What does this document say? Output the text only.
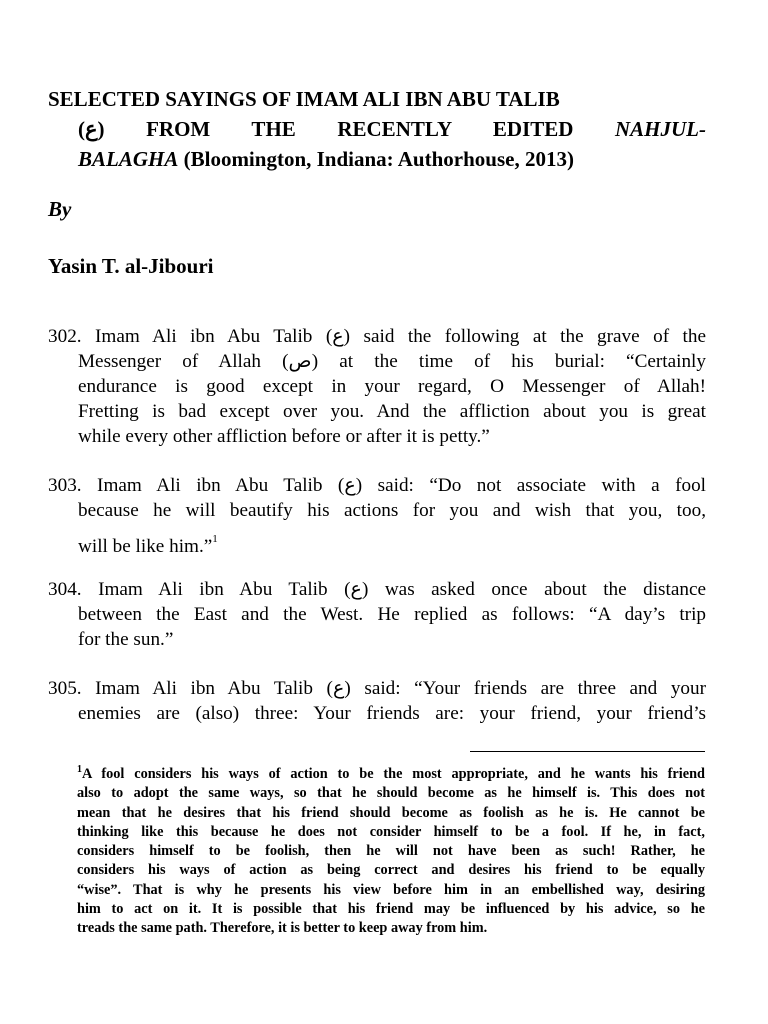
SELECTED SAYINGS OF IMAM ALI IBN ABU TALIB
(ع) FROM THE RECENTLY EDITED NAHJUL-
BALAGHA (Bloomington, Indiana: Authorhouse, 2013)
By
Yasin T. al-Jibouri
302. Imam Ali ibn Abu Talib (ع) said the following at the grave of the
Messenger of Allah (ص) at the time of his burial: “Certainly
endurance is good except in your regard, O Messenger of Allah!
Fretting is bad except over you. And the affliction about you is great
while every other affliction before or after it is petty.”
303. Imam Ali ibn Abu Talib (ع) said: “Do not associate with a fool
because he will beautify his actions for you and wish that you, too,
will be like him.”$^1$
304. Imam Ali ibn Abu Talib (ع) was asked once about the distance
between the East and the West. He replied as follows: “A day’s trip
for the sun.”
305. Imam Ali ibn Abu Talib (ع) said: “Your friends are three and your
enemies are (also) three: Your friends are: your friend, your friend’s
$^1$A fool considers his ways of action to be the most appropriate, and he wants his friend
also to adopt the same ways, so that he should become as he himself is. This does not
mean that he desires that his friend should become as foolish as he is. He cannot be
thinking like this because he does not consider himself to be a fool. If he, in fact,
considers himself to be foolish, then he will not have been as such! Rather, he
considers his ways of action as being correct and desires his friend to be equally
“wise”. That is why he presents his view before him in an embellished way, desiring
him to act on it. It is possible that his friend may be influenced by his advice, so he
treads the same path. Therefore, it is better to keep away from him.
